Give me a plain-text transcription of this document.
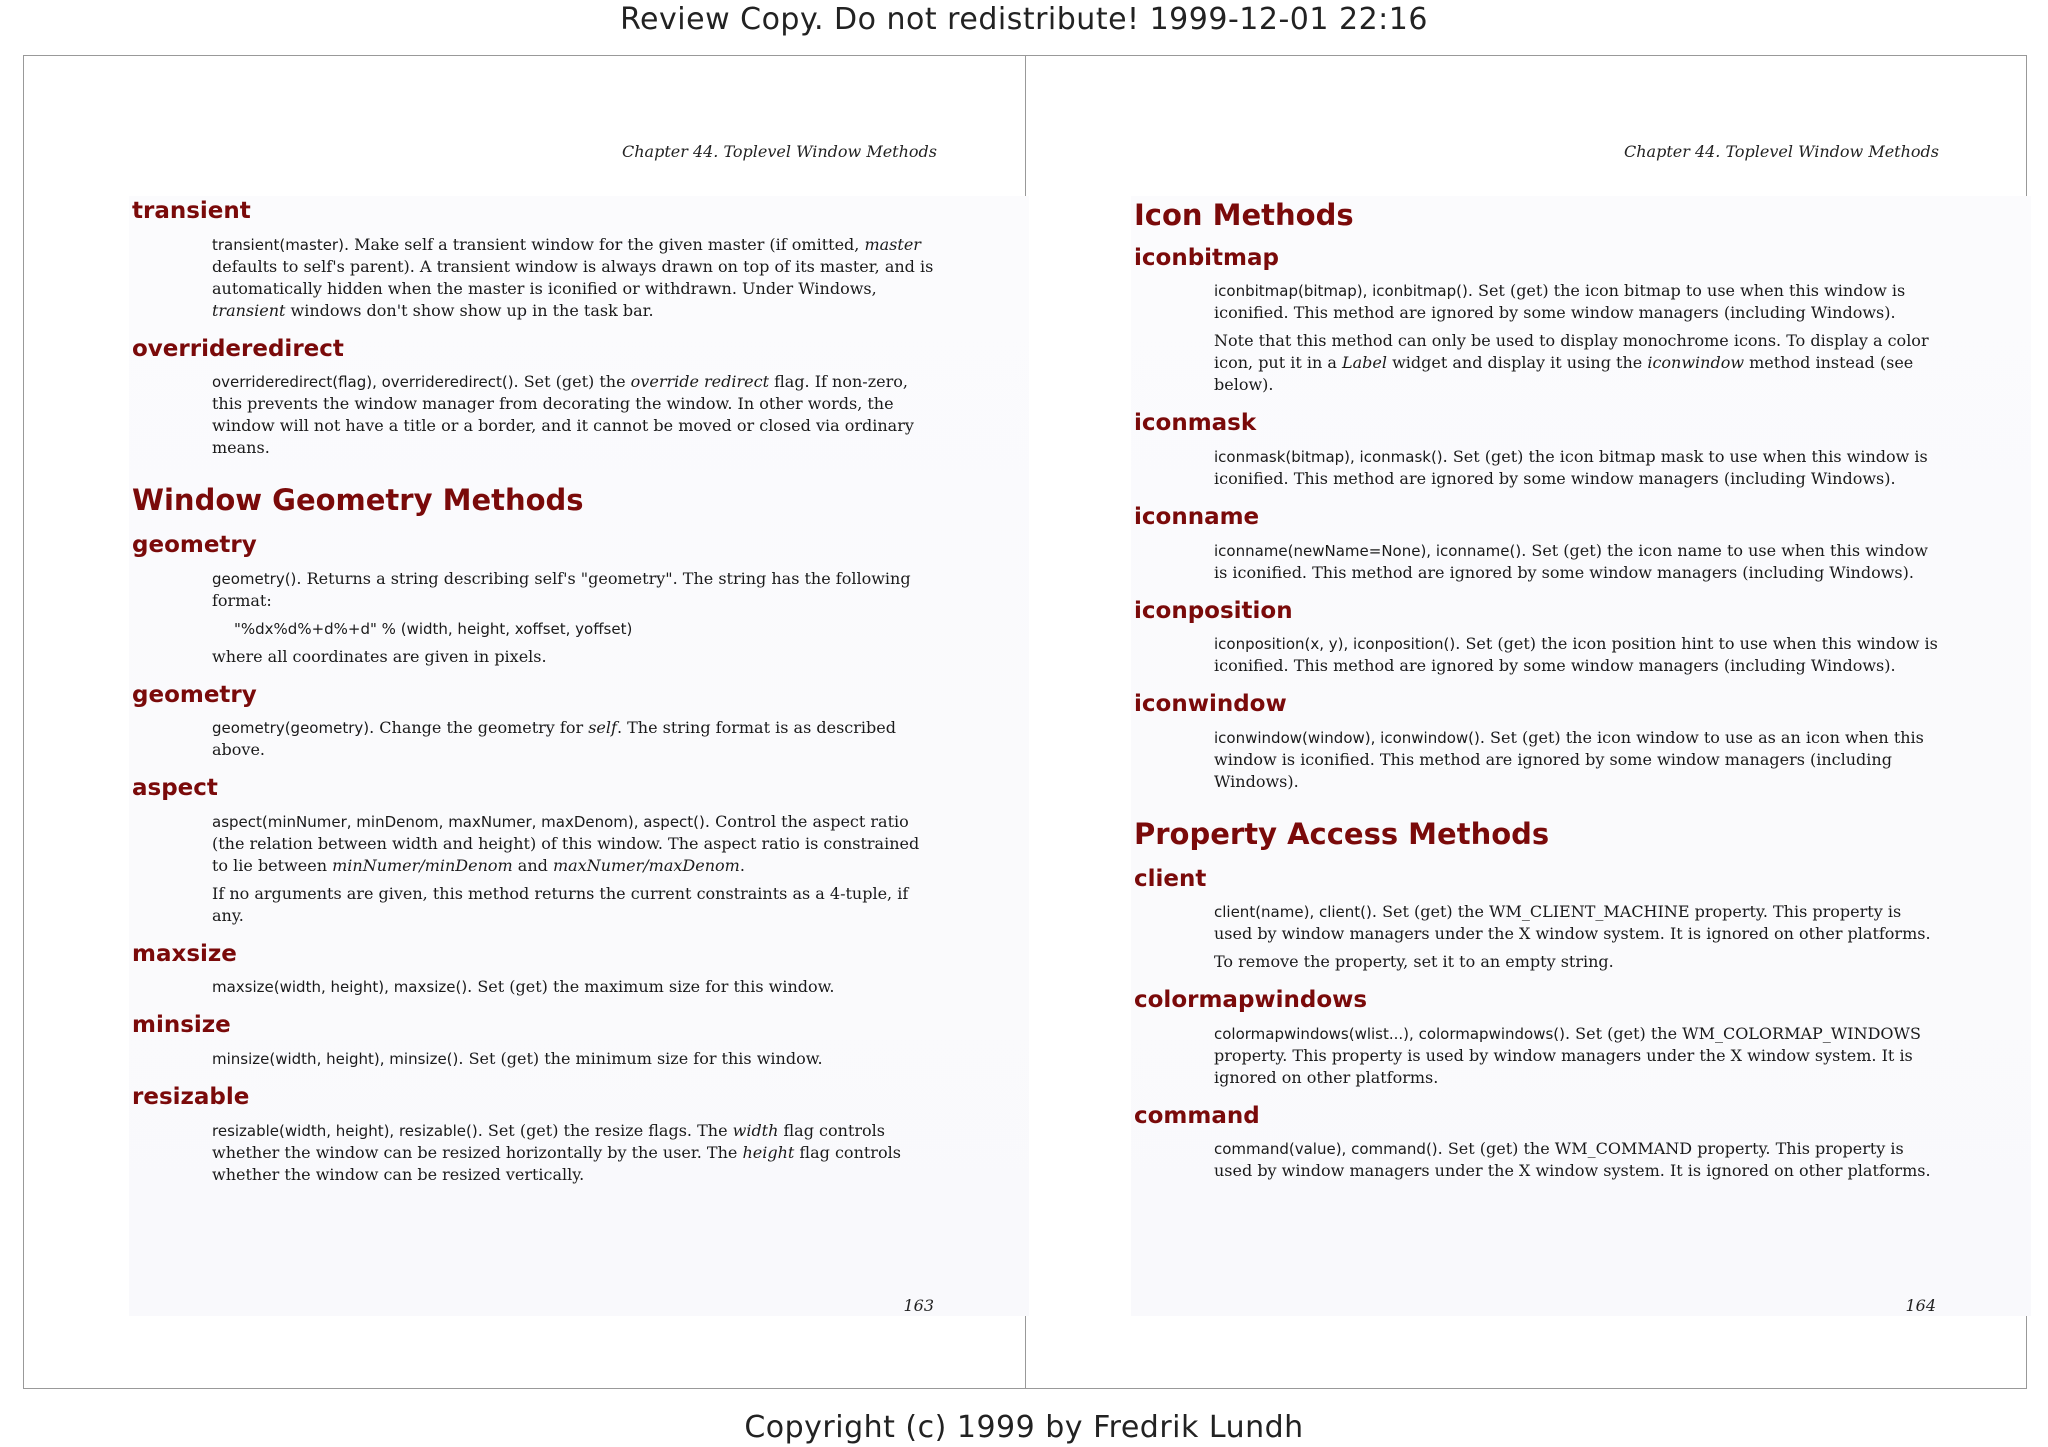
Review Copy. Do not redistribute! 1999-12-01 22:16
Chapter 44. Toplevel Window Methods
transient

transient(master). Make self a transient window for the given master (if omitted, master defaults to self's parent). A transient window is always drawn on top of its master, and is automatically hidden when the master is iconified or withdrawn. Under Windows, transient windows don't show show up in the task bar.

overrideredirect

overrideredirect(flag), overrideredirect(). Set (get) the override redirect flag. If non-zero, this prevents the window manager from decorating the window. In other words, the window will not have a title or a border, and it cannot be moved or closed via ordinary means.

Window Geometry Methods
geometry

geometry(). Returns a string describing self's "geometry". The string has the following format:

"%dx%d%+d%+d" % (width, height, xoffset, yoffset)

where all coordinates are given in pixels.

geometry

geometry(geometry). Change the geometry for self. The string format is as described above.

aspect

aspect(minNumer, minDenom, maxNumer, maxDenom), aspect(). Control the aspect ratio (the relation between width and height) of this window. The aspect ratio is constrained to lie between minNumer/minDenom and maxNumer/maxDenom.

If no arguments are given, this method returns the current constraints as a 4-tuple, if any.

maxsize

maxsize(width, height), maxsize(). Set (get) the maximum size for this window.

minsize

minsize(width, height), minsize(). Set (get) the minimum size for this window.

resizable

resizable(width, height), resizable(). Set (get) the resize flags. The width flag controls whether the window can be resized horizontally by the user. The height flag controls whether the window can be resized vertically.

163
Chapter 44. Toplevel Window Methods
Icon Methods
iconbitmap

iconbitmap(bitmap), iconbitmap(). Set (get) the icon bitmap to use when this window is iconified. This method are ignored by some window managers (including Windows).

Note that this method can only be used to display monochrome icons. To display a color icon, put it in a Label widget and display it using the iconwindow method instead (see below).

iconmask

iconmask(bitmap), iconmask(). Set (get) the icon bitmap mask to use when this window is iconified. This method are ignored by some window managers (including Windows).

iconname

iconname(newName=None), iconname(). Set (get) the icon name to use when this window is iconified. This method are ignored by some window managers (including Windows).

iconposition

iconposition(x, y), iconposition(). Set (get) the icon position hint to use when this window is iconified. This method are ignored by some window managers (including Windows).

iconwindow

iconwindow(window), iconwindow(). Set (get) the icon window to use as an icon when this window is iconified. This method are ignored by some window managers (including Windows).

Property Access Methods
client

client(name), client(). Set (get) the WM_CLIENT_MACHINE property. This property is used by window managers under the X window system. It is ignored on other platforms.

To remove the property, set it to an empty string.

colormapwindows

colormapwindows(wlist...), colormapwindows(). Set (get) the WM_COLORMAP_WINDOWS property. This property is used by window managers under the X window system. It is ignored on other platforms.

command

command(value), command(). Set (get) the WM_COMMAND property. This property is used by window managers under the X window system. It is ignored on other platforms.

164
Copyright (c) 1999 by Fredrik Lundh
